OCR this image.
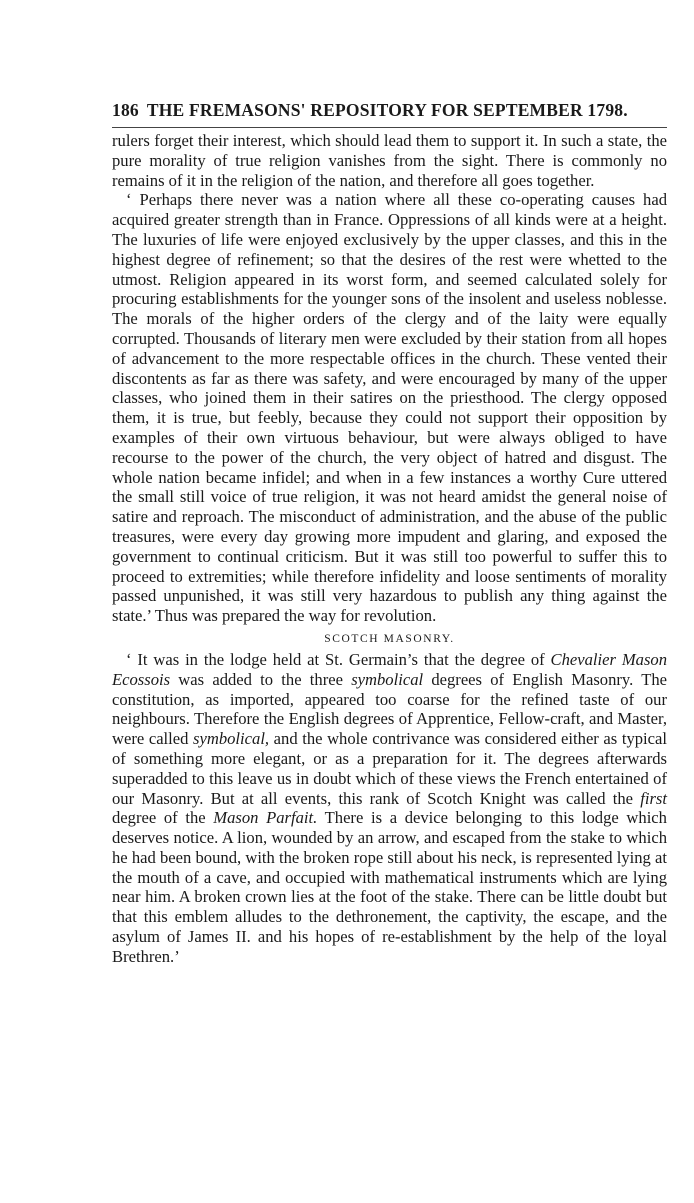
186 THE FREMASONS' REPOSITORY FOR SEPTEMBER 1798.

rulers forget their interest, which should lead them to support it. In such a state, the pure morality of true religion vanishes from the sight. There is commonly no remains of it in the religion of the nation, and therefore all goes together.

‘ Perhaps there never was a nation where all these co-operating causes had acquired greater strength than in France. Oppressions of all kinds were at a height. The luxuries of life were enjoyed exclusively by the upper classes, and this in the highest degree of refinement; so that the desires of the rest were whetted to the utmost. Religion appeared in its worst form, and seemed calculated solely for procuring establishments for the younger sons of the insolent and useless noblesse. The morals of the higher orders of the clergy and of the laity were equally corrupted. Thousands of literary men were excluded by their station from all hopes of advancement to the more respectable offices in the church. These vented their discontents as far as there was safety, and were encouraged by many of the upper classes, who joined them in their satires on the priesthood. The clergy opposed them, it is true, but feebly, because they could not support their opposition by examples of their own virtuous behaviour, but were always obliged to have recourse to the power of the church, the very object of hatred and disgust. The whole nation became infidel; and when in a few instances a worthy Cure uttered the small still voice of true religion, it was not heard amidst the general noise of satire and reproach. The misconduct of administration, and the abuse of the public treasures, were every day growing more impudent and glaring, and exposed the government to continual criticism. But it was still too powerful to suffer this to proceed to extremities; while therefore infidelity and loose sentiments of morality passed unpunished, it was still very hazardous to publish any thing against the state.’ Thus was prepared the way for revolution.

SCOTCH MASONRY.

‘ It was in the lodge held at St. Germain’s that the degree of Chevalier Mason Ecossois was added to the three symbolical degrees of English Masonry. The constitution, as imported, appeared too coarse for the refined taste of our neighbours. Therefore the English degrees of Apprentice, Fellow-craft, and Master, were called symbolical, and the whole contrivance was considered either as typical of something more elegant, or as a preparation for it. The degrees afterwards superadded to this leave us in doubt which of these views the French entertained of our Masonry. But at all events, this rank of Scotch Knight was called the first degree of the Mason Parfait. There is a device belonging to this lodge which deserves notice. A lion, wounded by an arrow, and escaped from the stake to which he had been bound, with the broken rope still about his neck, is represented lying at the mouth of a cave, and occupied with mathematical instruments which are lying near him. A broken crown lies at the foot of the stake. There can be little doubt but that this emblem alludes to the dethronement, the captivity, the escape, and the asylum of James II. and his hopes of re-establishment by the help of the loyal Brethren.’
